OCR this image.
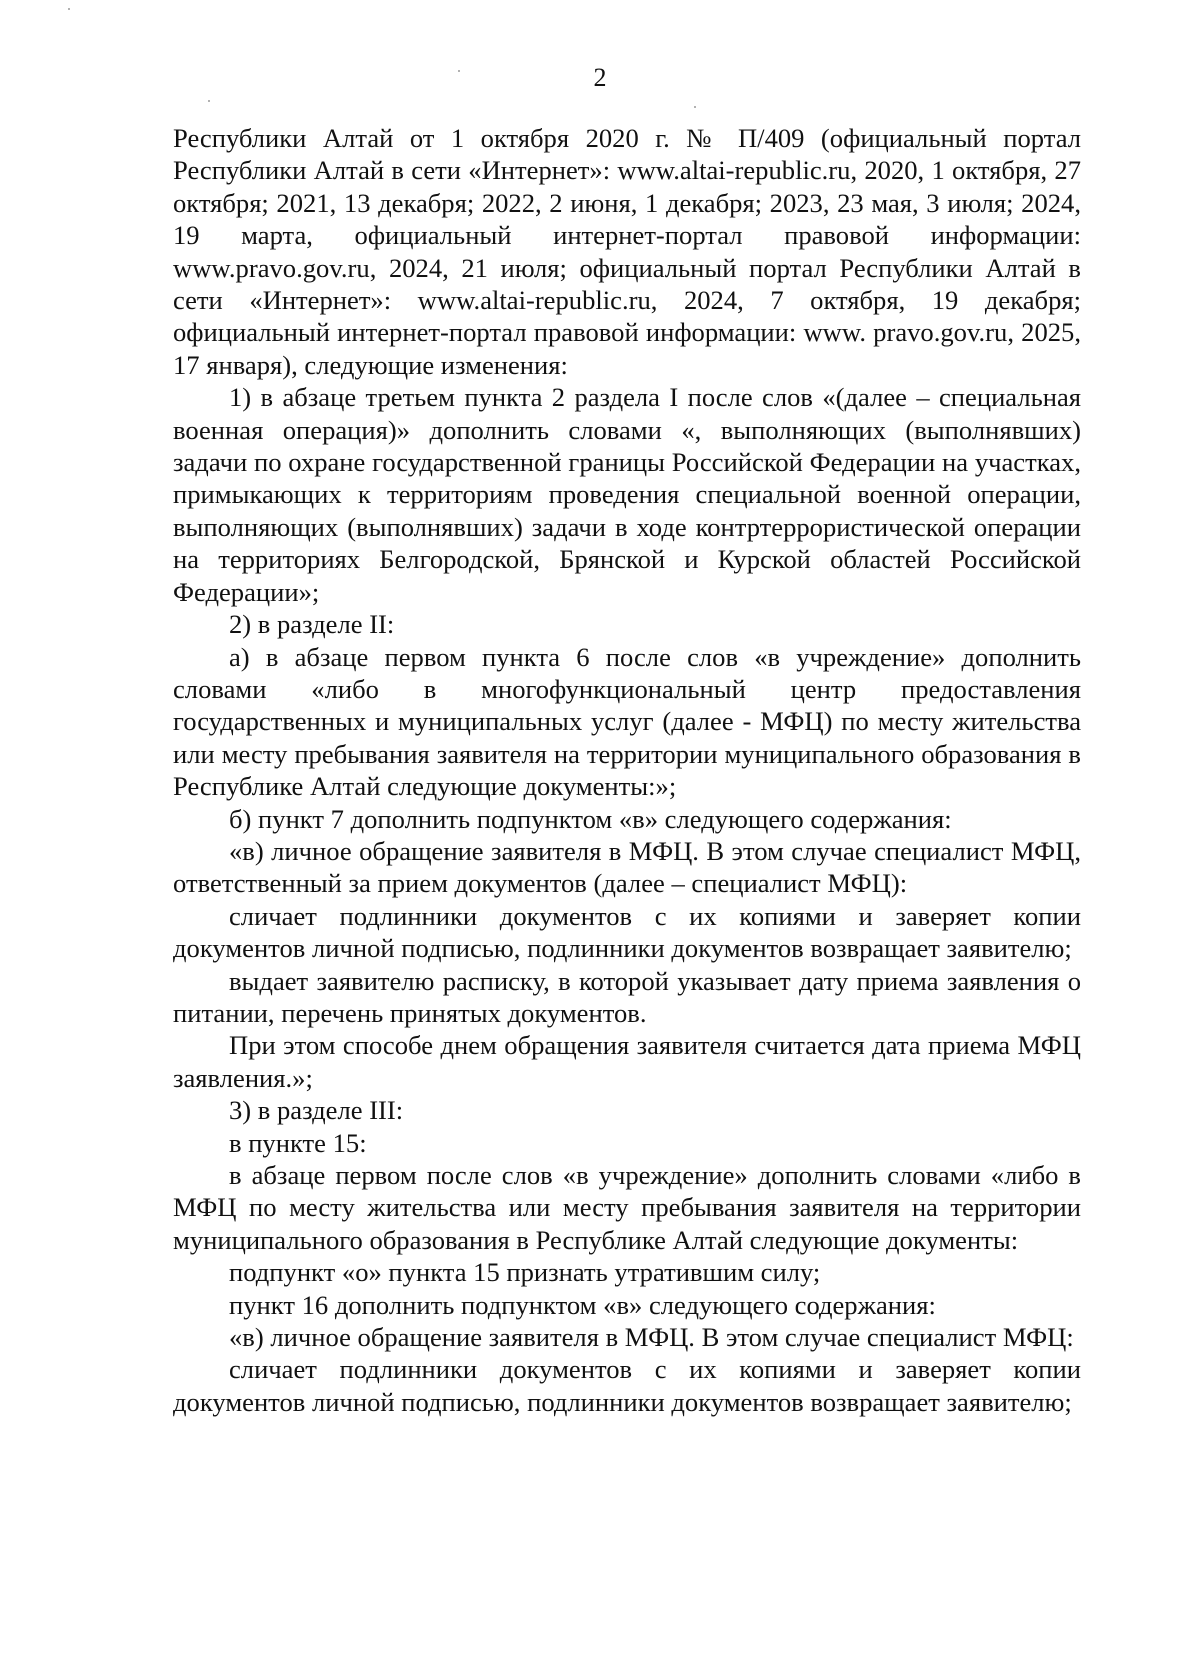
2

Республики Алтай от 1 октября 2020 г. № П/409 (официальный портал Республики Алтай в сети «Интернет»: www.altai-republic.ru, 2020, 1 октября, 27 октября; 2021, 13 декабря; 2022, 2 июня, 1 декабря; 2023, 23 мая, 3 июля; 2024, 19 марта, официальный интернет-портал правовой информации: www.pravo.gov.ru, 2024, 21 июля; официальный портал Республики Алтай в сети «Интернет»: www.altai-republic.ru, 2024, 7 октября, 19 декабря; официальный интернет-портал правовой информации: www. pravo.gov.ru, 2025, 17 января), следующие изменения:

1) в абзаце третьем пункта 2 раздела I после слов «(далее – специальная военная операция)» дополнить словами «, выполняющих (выполнявших) задачи по охране государственной границы Российской Федерации на участках, примыкающих к территориям проведения специальной военной операции, выполняющих (выполнявших) задачи в ходе контртеррористической операции на территориях Белгородской, Брянской и Курской областей Российской Федерации»;

2) в разделе II:

а) в абзаце первом пункта 6 после слов «в учреждение» дополнить словами «либо в многофункциональный центр предоставления государственных и муниципальных услуг (далее - МФЦ) по месту жительства или месту пребывания заявителя на территории муниципального образования в Республике Алтай следующие документы:»;

б) пункт 7 дополнить подпунктом «в» следующего содержания:

«в) личное обращение заявителя в МФЦ. В этом случае специалист МФЦ, ответственный за прием документов (далее – специалист МФЦ):

сличает подлинники документов с их копиями и заверяет копии документов личной подписью, подлинники документов возвращает заявителю;

выдает заявителю расписку, в которой указывает дату приема заявления о питании, перечень принятых документов.

При этом способе днем обращения заявителя считается дата приема МФЦ заявления.»;

3) в разделе III:

в пункте 15:

в абзаце первом после слов «в учреждение» дополнить словами «либо в МФЦ по месту жительства или месту пребывания заявителя на территории муниципального образования в Республике Алтай следующие документы:

подпункт «о» пункта 15 признать утратившим силу;

пункт 16 дополнить подпунктом «в» следующего содержания:

«в) личное обращение заявителя в МФЦ. В этом случае специалист МФЦ:

сличает подлинники документов с их копиями и заверяет копии документов личной подписью, подлинники документов возвращает заявителю;
